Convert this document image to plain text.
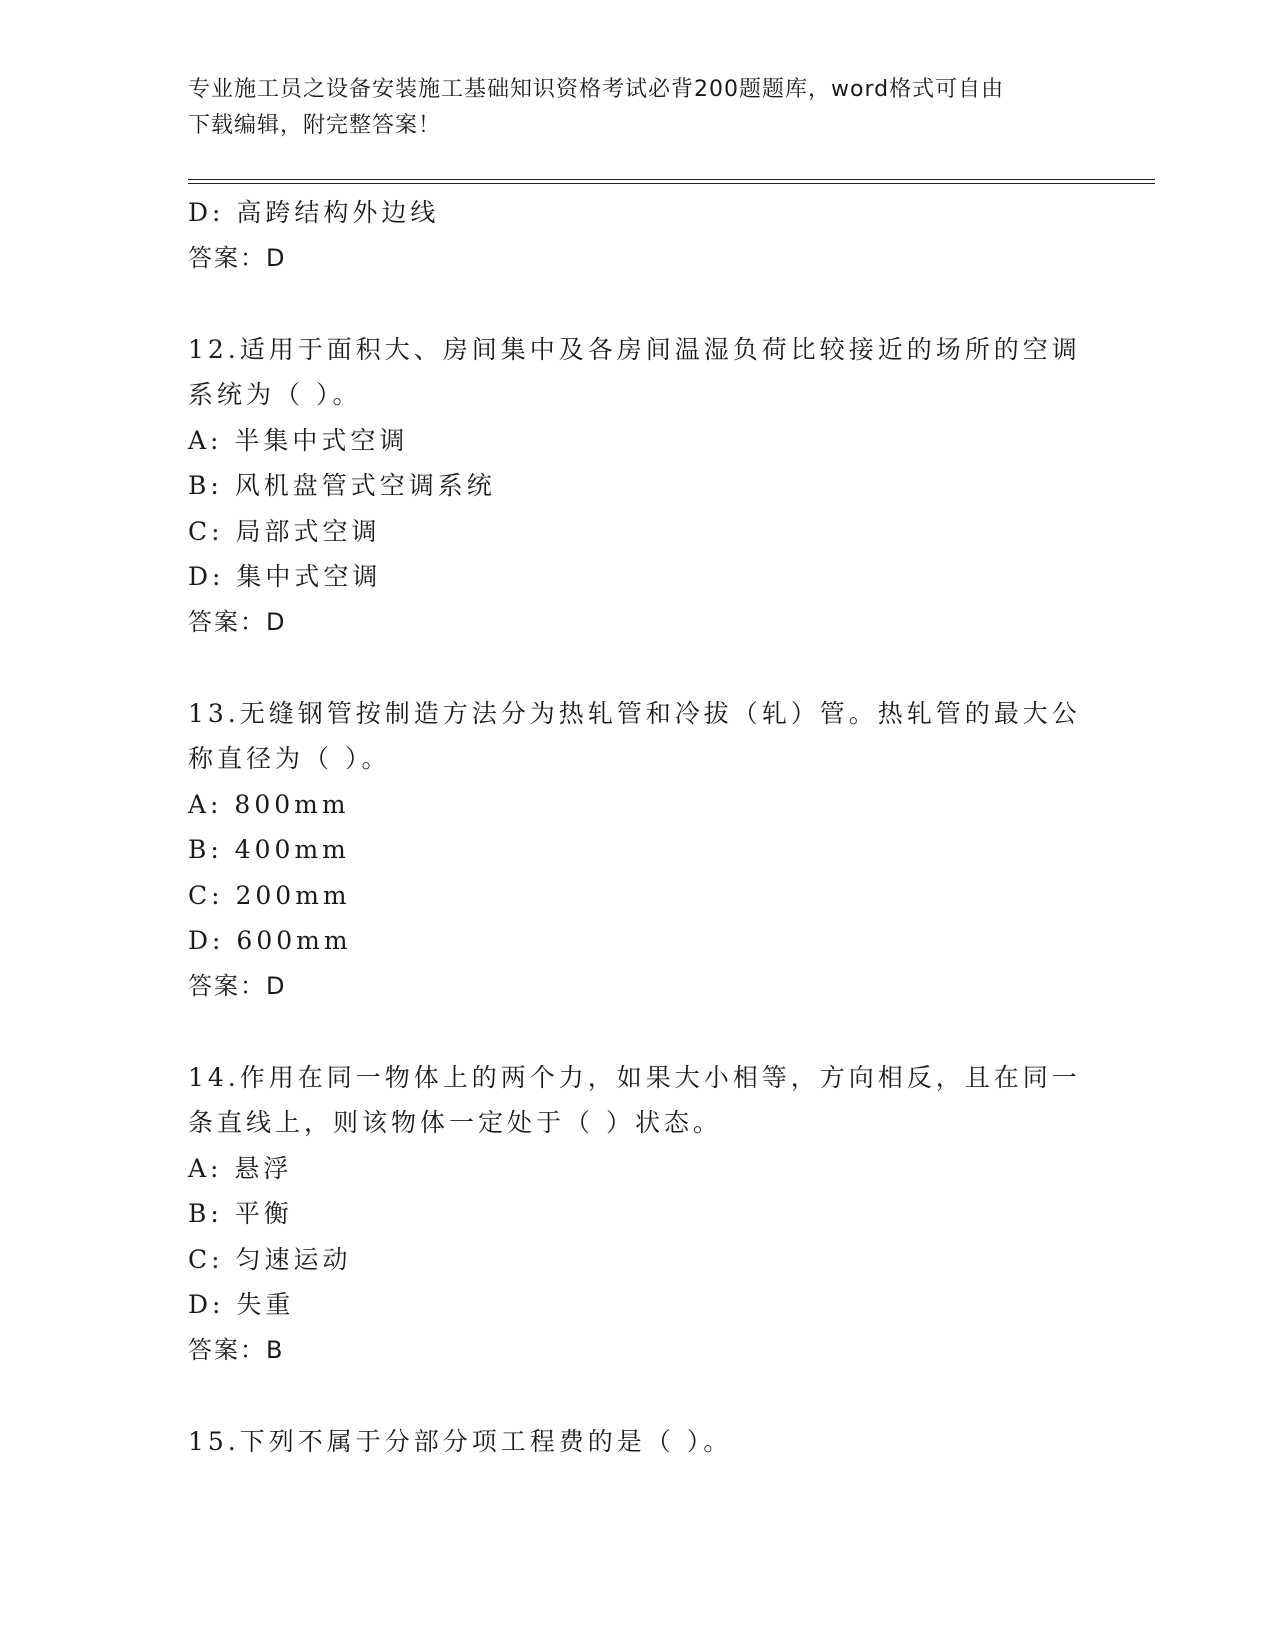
专业施工员之设备安装施工基础知识资格考试必背200题题库，word格式可自由
下载编辑，附完整答案！
D: 高跨结构外边线
答案：D
12.适用于面积大、房间集中及各房间温湿负荷比较接近的场所的空调
系统为（ ）。
A: 半集中式空调
B: 风机盘管式空调系统
C: 局部式空调
D: 集中式空调
答案：D
13.无缝钢管按制造方法分为热轧管和冷拔（轧）管。热轧管的最大公
称直径为（ ）。
A: 800mm
B: 400mm
C: 200mm
D: 600mm
答案：D
14.作用在同一物体上的两个力，如果大小相等，方向相反，且在同一
条直线上，则该物体一定处于（ ）状态。
A: 悬浮
B: 平衡
C: 匀速运动
D: 失重
答案：B
15.下列不属于分部分项工程费的是（ ）。
